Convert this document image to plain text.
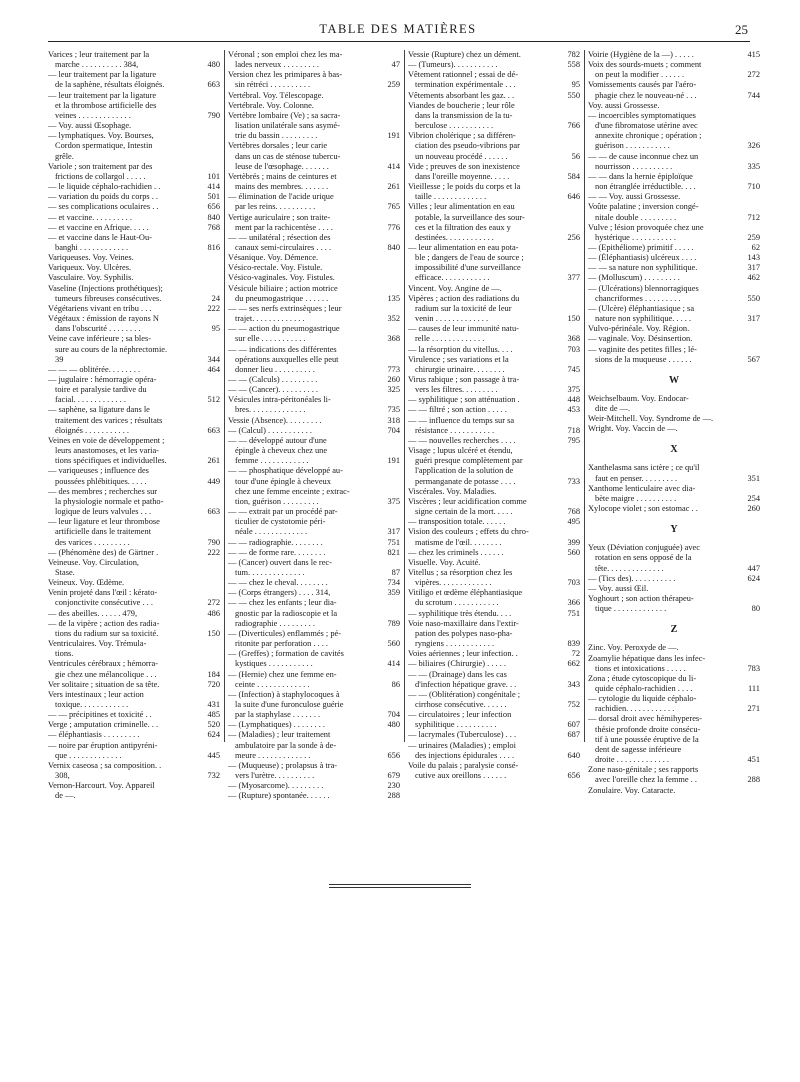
TABLE DES MATIÈRES	25
Varices ; leur traitement par la
marche . . . . . . . . . . 384,	480
— leur traitement par la ligature
de la saphène, résultats éloignés.	663
— leur traitement par la ligature
et la thrombose artificielle des
veines . . . . . . . . . . . . .	790
— Voy. aussi Œsophage.
— lymphatiques. Voy. Bourses,
Cordon spermatique, Intestin
grêle.
Variole ; son traitement par des
frictions de collargol . . . . .	101
— le liquide céphalo-rachidien . .	414
— variation du poids du corps . .	501
— ses complications oculaires . .	656
— et vaccine. . . . . . . . . .	840
— et vaccine en Afrique. . . . .	768
— et vaccine dans le Haut-Ou-
banghi . . . . . . . . . . . .	816
Variqueuses. Voy. Veines.
Variqueux. Voy. Ulcères.
Vasculaire. Voy. Syphilis.
Vaseline (Injections prothétiques);
tumeurs fibreuses consécutives.	24
Végétariens vivant en tribu . . .	222
Végétaux : émission de rayons N
dans l'obscurité . . . . . . . .	95
Veine cave inférieure ; sa bles-
sure au cours de la néphrectomie.
39	344
— — — oblitérée. . . . . . . .	464
— jugulaire : hémorragie opéra-
toire et paralysie tardive du
facial. . . . . . . . . . . . .	512
— saphène, sa ligature dans le
traitement des varices ; résultats
éloignés . . . . . . . . . . .	663
Veines en voie de développement ;
leurs anastomoses, et les varia-
tions spécifiques et individuelles.	261
— variqueuses ; influence des
poussées phlébitiques. . . . .	449
— des membres ; recherches sur
la physiologie normale et patho-
logique de leurs valvules . . .	663
— leur ligature et leur thrombose
artificielle dans le traitement
des varices . . . . . . . . .	790
— (Phénomène des) de Gärtner .	222
Veineuse. Voy. Circulation,
Stase.
Veineux. Voy. Œdème.
Venin projeté dans l'œil : kérato-
conjonctivite consécutive . . .	272
— des abeilles. . . . . . 479,	486
— de la vipère ; action des radia-
tions du radium sur sa toxicité.	150
Ventriculaires. Voy. Trémula-
tions.
Ventricules cérébraux ; hémorra-
gie chez une mélancolique . . .	184
Ver solitaire ; situation de sa tête.	720
Vers intestinaux ; leur action
toxique. . . . . . . . . . . .	431
— — précipitines et toxicité . .	485
Verge ; amputation criminelle. . .	520
— éléphantiasis . . . . . . . . .	624
— noire par éruption antipyréni-
que . . . . . . . . . . . . .	445
Vernix caseosa ; sa composition. .
308,	732
Vernon-Harcourt. Voy. Appareil
de —.
Véronal ; son emploi chez les ma-
lades nerveux . . . . . . . . .	47
Version chez les primipares à bas-
sin rétréci . . . . . . . . . .	259
Vertébral. Voy. Télescopage.
Vertébrale. Voy. Colonne.
Vertèbre lombaire (Ve) ; sa sacra-
lisation unilatérale sans asymé-
trie du bassin . . . . . . . . .	191
Vertèbres dorsales ; leur carie
dans un cas de sténose tubercu-
leuse de l'œsophage. . . . . . .	414
Vertèbrés ; mains de ceintures et
mains des membres. . . . . . .	261
— élimination de l'acide urique
par les reins. . . . . . . . . .	765
Vertige auriculaire ; son traite-
ment par la rachicentèse . . . .	776
— — unilatéral ; résection des
canaux semi-circulaires . . . .	840
Vésanique. Voy. Démence.
Vésico-rectale. Voy. Fistule.
Vésico-vaginales. Voy. Fistules.
Vésicule biliaire ; action motrice
du pneumogastrique . . . . . .	135
— — ses nerfs extrinsèques ; leur
trajet. . . . . . . . . . . . .	352
— — action du pneumogastrique
sur elle . . . . . . . . . . .	368
— — indications des différentes
opérations auxquelles elle peut
donner lieu . . . . . . . . . .	773
— — (Calculs) . . . . . . . . .	260
— — (Cancer). . . . . . . . . .	325
Vésicules intra-péritonéales li-
bres. . . . . . . . . . . . . .	735
Vessie (Absence). . . . . . . . .	318
— (Calcul) . . . . . . . . . . .	704
— — développé autour d'une
épingle à cheveux chez une
femme . . . . . . . . . . . .	191
— — phosphatique développé au-
tour d'une épingle à cheveux
chez une femme enceinte ; extrac-
tion, guérison . . . . . . . . .	375
— — extrait par un procédé par-
ticulier de cystotomie péri-
néale . . . . . . . . . . . . .	317
— — radiographie. . . . . . . .	751
— — de forme rare. . . . . . . .	821
— (Cancer) ouvert dans le rec-
tum. . . . . . . . . . . . . .	87
— — chez le cheval. . . . . . . .	734
— (Corps étrangers) . . . . 314,	359
— — chez les enfants ; leur dia-
gnostic par la radioscopie et la
radiographie . . . . . . . . .	789
— (Diverticules) enflammés ; pé-
ritonite par perforation . . . .	560
— (Greffes) ; formation de cavités
kystiques . . . . . . . . . . .	414
— (Hernie) chez une femme en-
ceinte . . . . . . . . . . . . .	86
— (Infection) à staphylocoques à
la suite d'une furonculose guérie
par la staphylase . . . . . . .	704
— (Lymphatiques) . . . . . . . .	480
— (Maladies) ; leur traitement
ambulatoire par la sonde à de-
meure . . . . . . . . . . . . .	656
— (Muqueuse) ; prolapsus à tra-
vers l'urètre. . . . . . . . . .	679
— (Myosarcome). . . . . . . . .	230
— (Rupture) spontanée. . . . . .	288
Vessie (Rupture) chez un dément.	782
— (Tumeurs). . . . . . . . . . .	558
Vêtement rationnel ; essai de dé-
termination expérimentale . . .	95
Vêtements absorbant les gaz. . .	550
Viandes de boucherie ; leur rôle
dans la transmission de la tu-
berculose . . . . . . . . . . .	766
Vibrion cholérique ; sa différen-
ciation des pseudo-vibrions par
un nouveau procédé . . . . . .	56
Vide ; preuves de son inexistence
dans l'oreille moyenne. . . . .	584
Vieillesse ; le poids du corps et la
taille . . . . . . . . . . . . .	646
Villes ; leur alimentation en eau
potable, la surveillance des sour-
ces et la filtration des eaux y
destinées. . . . . . . . . . . .	256
— leur alimentation en eau pota-
ble ; dangers de l'eau de source ;
impossibilité d'une surveillance
efficace. . . . . . . . . . . .	377
Vincent. Voy. Angine de —.
Vipères ; action des radiations du
radium sur la toxicité de leur
venin . . . . . . . . . . . . .	150
— causes de leur immunité natu-
relle . . . . . . . . . . . . .	368
— la résorption du vitellus. . . .	703
Virulence ; ses variations et la
chirurgie urinaire. . . . . . . .	745
Virus rabique ; son passage à tra-
vers les filtres. . . . . . . . .	375
— syphilitique ; son atténuation .	448
— — filtré ; son action . . . . .	453
— — influence du temps sur sa
résistance . . . . . . . . . . .	718
— — nouvelles recherches . . . .	795
Visage ; lupus ulcéré et étendu,
guéri presque complètement par
l'application de la solution de
permanganate de potasse . . . .	733
Viscérales. Voy. Maladies.
Viscères ; leur acidification comme
signe certain de la mort. . . . .	768
— transposition totale. . . . . .	495
Vision des couleurs ; effets du chro-
matisme de l'œil. . . . . . . .	399
— chez les criminels . . . . . .	560
Visuelle. Voy. Acuité.
Vitellus ; sa résorption chez les
vipères. . . . . . . . . . . . .	703
Vitiligo et œdème éléphantiasique
du scrotum . . . . . . . . . . .	366
— syphilitique très étendu. . . .	751
Voie naso-maxillaire dans l'extir-
pation des polypes naso-pha-
ryngiens . . . . . . . . . . . .	839
Voies aériennes ; leur infection. .	72
— biliaires (Chirurgie) . . . . .	662
— — (Drainage) dans les cas
d'infection hépatique grave. . .	343
— — (Oblitération) congénitale ;
cirrhose consécutive. . . . . .	752
— circulatoires ; leur infection
syphilitique . . . . . . . . . .	607
— lacrymales (Tuberculose) . . .	687
— urinaires (Maladies) ; emploi
des injections épidurales . . . .	640
Voile du palais ; paralysie consé-
cutive aux oreillons . . . . . .	656
Voirie (Hygiène de la —) . . . . .	415
Voix des sourds-muets ; comment
on peut la modifier . . . . . .	272
Vomissements causés par l'aéro-
phagie chez le nouveau-né . . .	744
Voy. aussi Grossesse.
— incoercibles symptomatiques
d'une fibromatose utérine avec
annexite chronique ; opération ;
guérison . . . . . . . . . . .	326
— — de cause inconnue chez un
nourrisson . . . . . . . . . .	335
— — dans la hernie épiploïque
non étranglée irréductible. . . .	710
— — Voy. aussi Grossesse.
Voûte palatine ; inversion congé-
nitale double . . . . . . . . .	712
Vulve ; lésion provoquée chez une
hystérique . . . . . . . . . . .	259
— (Epithéliome) primitif . . . . .	62
— (Éléphantiasis) ulcéreux . . . .	143
— — sa nature non syphilitique.	317
— (Molluscum) . . . . . . . . .	462
— (Ulcérations) blennorragiques
chancriformes . . . . . . . . .	550
— (Ulcère) éléphantiasique ; sa
nature non syphilitique. . . . .	317
Vulvo-périnéale. Voy. Région.
— vaginale. Voy. Désinsertion.
— vaginite des petites filles ; lé-
sions de la muqueuse . . . . . .	567
W
Weichselbaum. Voy. Endocar-
dite de —.
Weir-Mitchell. Voy. Syndrome de —.
Wright. Voy. Vaccin de —.
X
Xanthelasma sans ictère ; ce qu'il
faut en penser. . . . . . . . .	351
Xanthome lenticulaire avec dia-
bète maigre . . . . . . . . . .	254
Xylocope violet ; son estomac . .	260
Y
Yeux (Déviation conjuguée) avec
rotation en sens opposé de la
tête. . . . . . . . . . . . . .	447
— (Tics des). . . . . . . . . . .	624
— Voy. aussi Œil.
Yoghourt ; son action thérapeu-
tique . . . . . . . . . . . . .	80
Z
Zinc. Voy. Peroxyde de —.
Zoamylie hépatique dans les infec-
tions et intoxications . . . . .	783
Zona ; étude cytoscopique du li-
quide céphalo-rachidien . . . .	111
— cytologie du liquide céphalo-
rachidien. . . . . . . . . . . .	271
— dorsal droit avec hémihyperes-
thésie profonde droite consécu-
tif à une poussée éruptive de la
dent de sagesse inférieure
droite . . . . . . . . . . . . .	451
Zone naso-génitale ; ses rapports
avec l'oreille chez la femme . .	288
Zonulaire. Voy. Cataracte.
